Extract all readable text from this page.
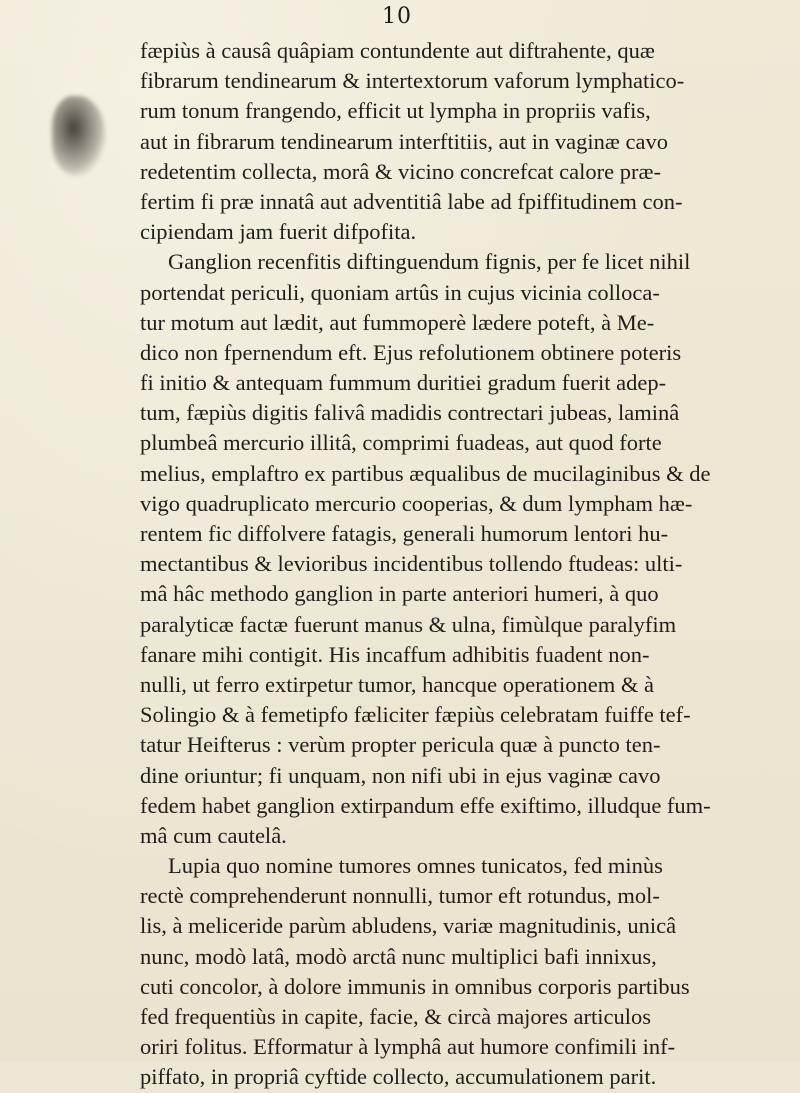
10
fæpiùs à causâ quâpiam contundente aut diftrahente, quæ
fibrarum tendinearum & intertextorum vaforum lymphatico-
rum tonum frangendo, efficit ut lympha in propriis vafis,
aut in fibrarum tendinearum interftitiis, aut in vaginæ cavo
redetentim collecta, morâ & vicino concrefcat calore præ-
fertim fi præ innatâ aut adventitiâ labe ad fpiffitudinem con-
cipiendam jam fuerit difpofita.
Ganglion recenfitis diftinguendum fignis, per fe licet nihil
portendat periculi, quoniam artûs in cujus vicinia colloca-
tur motum aut lædit, aut fummoperè lædere poteft, à Me-
dico non fpernendum eft. Ejus refolutionem obtinere poteris
fi initio & antequam fummum duritiei gradum fuerit adep-
tum, fæpiùs digitis falivâ madidis contrectari jubeas, laminâ
plumbeâ mercurio illitâ, comprimi fuadeas, aut quod forte
melius, emplaftro ex partibus æqualibus de mucilaginibus & de
vigo quadruplicato mercurio cooperias, & dum lympham hæ-
rentem fic diffolvere fatagis, generali humorum lentori hu-
mectantibus & levioribus incidentibus tollendo ftudeas: ulti-
mâ hâc methodo ganglion in parte anteriori humeri, à quo
paralyticæ factæ fuerunt manus & ulna, fimùlque paralyfim
fanare mihi contigit. His incaffum adhibitis fuadent non-
nulli, ut ferro extirpetur tumor, hancque operationem & à
Solingio & à femetipfo fæliciter fæpiùs celebratam fuiffe tef-
tatur Heifterus : verùm propter pericula quæ à puncto ten-
dine oriuntur; fi unquam, non nifi ubi in ejus vaginæ cavo
fedem habet ganglion extirpandum effe exiftimo, illudque fum-
mâ cum cautelâ.
Lupia quo nomine tumores omnes tunicatos, fed minùs
rectè comprehenderunt nonnulli, tumor eft rotundus, mol-
lis, à meliceride parùm abludens, variæ magnitudinis, unicâ
nunc, modò latâ, modò arctâ nunc multiplici bafi innixus,
cuti concolor, à dolore immunis in omnibus corporis partibus
fed frequentiùs in capite, facie, & circà majores articulos
oriri folitus. Efformatur à lymphâ aut humore confimili inf-
piffato, in propriâ cyftide collecto, accumulationem parit.
